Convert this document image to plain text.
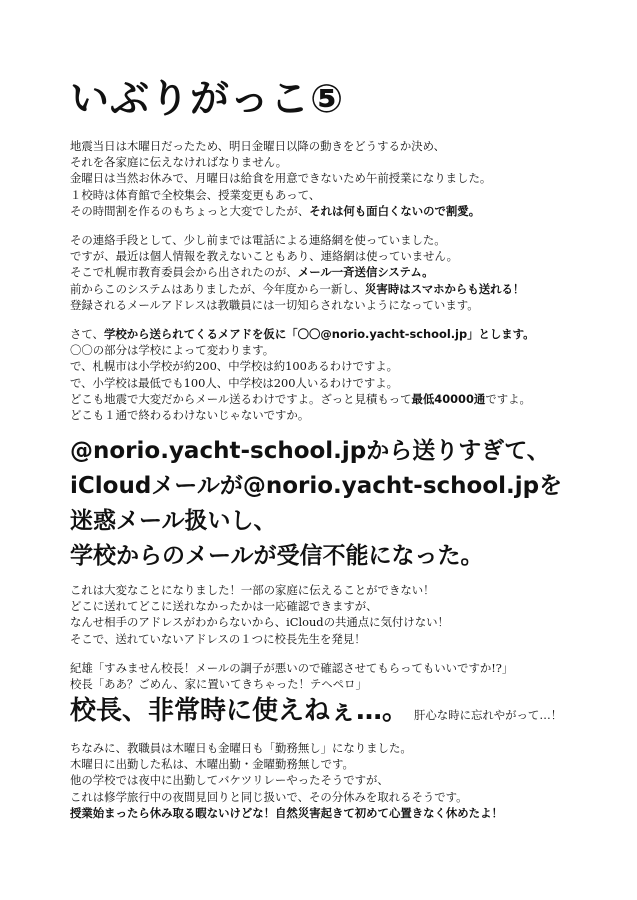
いぶりがっこ⑤
地震当日は木曜日だったため、明日金曜日以降の動きをどうするか決め、
それを各家庭に伝えなければなりません。
金曜日は当然お休みで、月曜日は給食を用意できないため午前授業になりました。
１校時は体育館で全校集会、授業変更もあって、
その時間割を作るのもちょっと大変でしたが、それは何も面白くないので割愛。
その連絡手段として、少し前までは電話による連絡網を使っていました。
ですが、最近は個人情報を教えないこともあり、連絡網は使っていません。
そこで札幌市教育委員会から出されたのが、メール一斉送信システム。
前からこのシステムはありましたが、今年度から一新し、災害時はスマホからも送れる！
登録されるメールアドレスは教職員には一切知らされないようになっています。
さて、学校から送られてくるメアドを仮に「〇〇@norio.yacht-school.jp」とします。
〇〇の部分は学校によって変わります。
で、札幌市は小学校が約200、中学校は約100あるわけですよ。
で、小学校は最低でも100人、中学校は200人いるわけですよ。
どこも地震で大変だからメール送るわけですよ。ざっと見積もって最低40000通ですよ。
どこも１通で終わるわけないじゃないですか。
@norio.yacht-school.jpから送りすぎて、
iCloudメールが@norio.yacht-school.jpを
迷惑メール扱いし、
学校からのメールが受信不能になった。
これは大変なことになりました！一部の家庭に伝えることができない！
どこに送れてどこに送れなかったかは一応確認できますが、
なんせ相手のアドレスがわからないから、iCloudの共通点に気付けない！
そこで、送れていないアドレスの１つに校長先生を発見！
紀雄「すみません校長！メールの調子が悪いので確認させてもらってもいいですか!?」
校長「ああ？ごめん、家に置いてきちゃった！テヘペロ」
校長、非常時に使えねぇ…。 肝心な時に忘れやがって…！
ちなみに、教職員は木曜日も金曜日も「勤務無し」になりました。
木曜日に出勤した私は、木曜出勤・金曜勤務無しです。
他の学校では夜中に出勤してバケツリレーやったそうですが、
これは修学旅行中の夜間見回りと同じ扱いで、その分休みを取れるそうです。
授業始まったら休み取る暇ないけどな！自然災害起きて初めて心置きなく休めたよ！
